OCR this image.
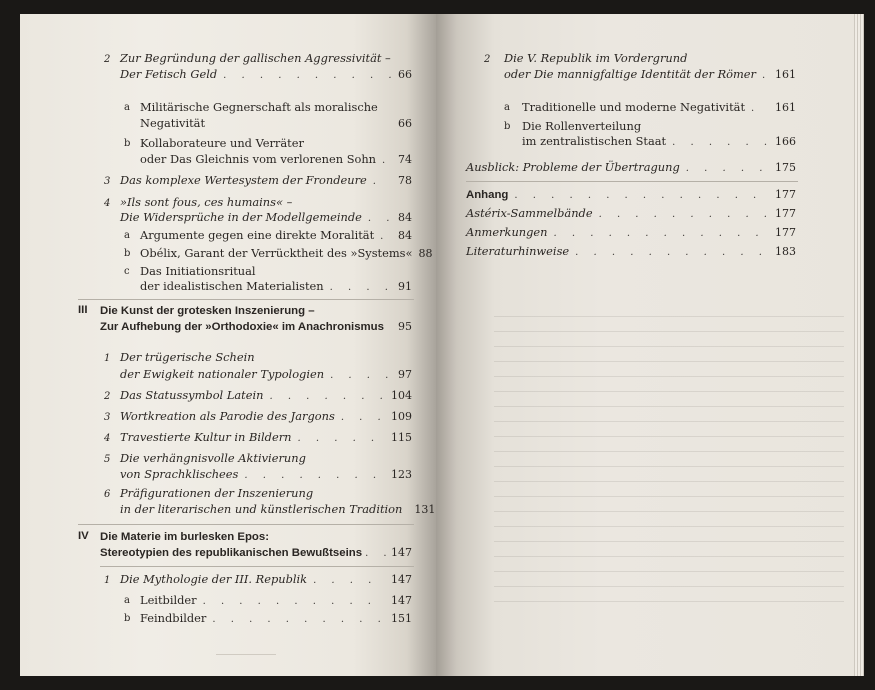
2 Zur Begründung der gallischen Aggressivität –
Der Fetisch Geld . . .	66
a Militärische Gegnerschaft als moralische
Negativität	66
b Kollaborateure und Verräter
oder Das Gleichnis vom verlorenen Sohn . . . 74
3 Das komplexe Wertesystem der Frondeure . . .	78
4 »Ils sont fous, ces humains« –
Die Widersprüche in der Modellgemeinde . . .	84
a Argumente gegen eine direkte Moralität . . . 84
b Obélix, Garant der Verrücktheit des »Systems« 88
c Das Initiationsritual
der idealistischen Materialisten . . .	91
III Die Kunst der grotesken Inszenierung –
Zur Aufhebung der »Orthodoxie« im Anachronismus 95
1 Der trügerische Schein
der Ewigkeit nationaler Typologien . . .	97
2 Das Statussymbol Latein . . .	104
3 Wortkreation als Parodie des Jargons . . .	109
4 Travestierte Kultur in Bildern . . .	115
5 Die verhängnisvolle Aktivierung
von Sprachklischees . . .	123
6 Präfigurationen der Inszenierung
in der literarischen und künstlerischen Tradition 131
IV Die Materie im burlesken Epos:
Stereotypien des republikanischen Bewußtseins . . .	147
1 Die Mythologie der III. Republik . . .	147
a Leitbilder . . .	147
b Feindbilder . . .	151
2 Die V. Republik im Vordergrund
oder Die mannigfaltige Identität der Römer . . . 161
a Traditionelle und moderne Negativität . . .	161
b Die Rollenverteilung
im zentralistischen Staat . . .	166
Ausblick: Probleme der Übertragung . . .	175
Anhang . . .	177
Astérix-Sammelbände . . .	177
Anmerkungen . . .	177
Literaturhinweise . . .	183
